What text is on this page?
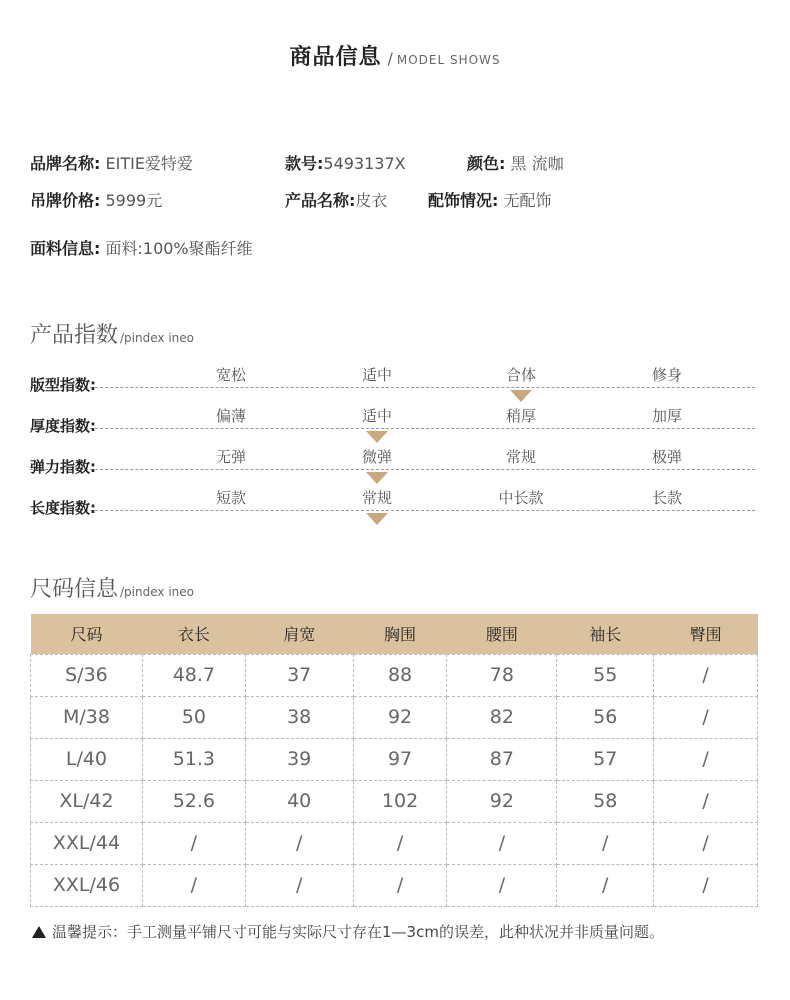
商品信息 / MODEL SHOWS
品牌名称: EITIE爱特爱	款号:5493137X	颜色: 黑 流咖
吊牌价格: 5999元	产品名称:皮衣	配饰情况: 无配饰
面料信息: 面料:100%聚酯纤维
产品指数 /pindex ineo
版型指数:
宽松	适中	合体	修身
厚度指数:
偏薄	适中	稍厚	加厚
弹力指数:
无弹	微弹	常规	极弹
长度指数:
短款	常规	中长款	长款
尺码信息 /pindex ineo
尺码	衣长	肩宽	胸围	腰围	袖长	臀围
S/36	48.7	37	88	78	55	/
M/38	50	38	92	82	56	/
L/40	51.3	39	97	87	57	/
XL/42	52.6	40	102	92	58	/
XXL/44	/	/	/	/	/	/
XXL/46	/	/	/	/	/	/
温馨提示：手工测量平铺尺寸可能与实际尺寸存在1—3cm的误差，此种状况并非质量问题。
